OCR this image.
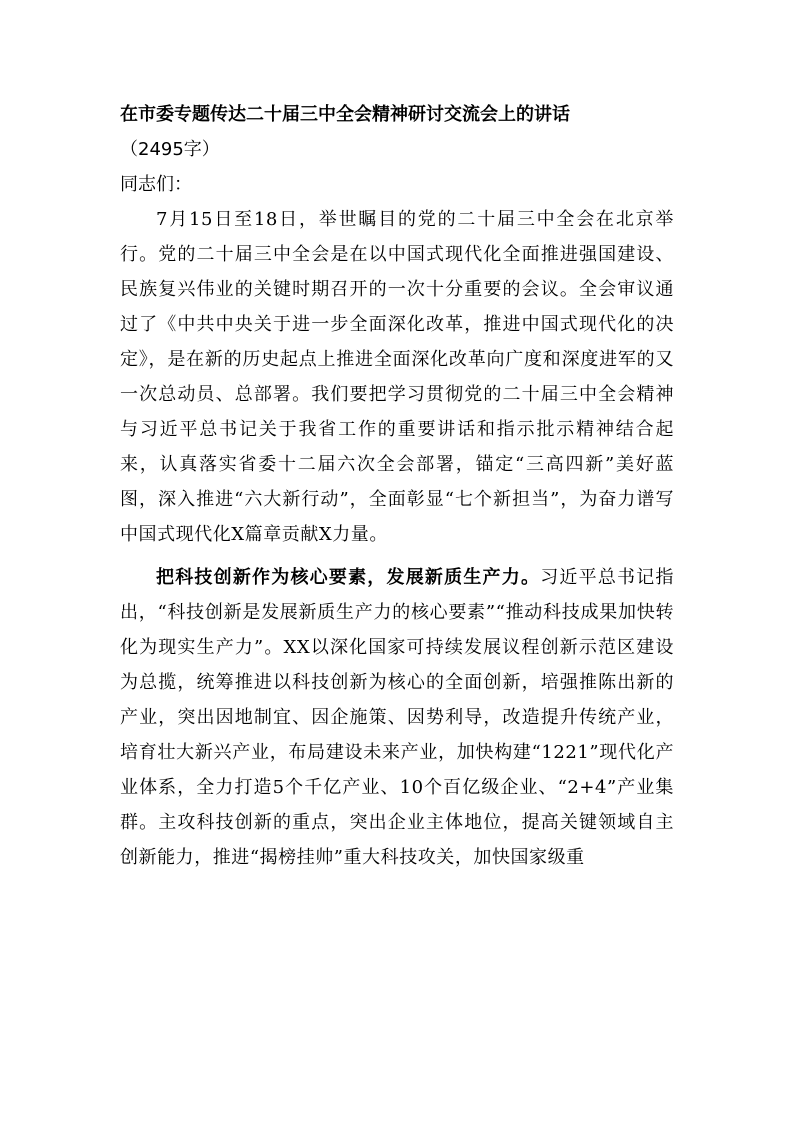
在市委专题传达二十届三中全会精神研讨交流会上的讲话
（2495字）

同志们：

7月15日至18日，举世瞩目的党的二十届三中全会在北京举行。党的二十届三中全会是在以中国式现代化全面推进强国建设、民族复兴伟业的关键时期召开的一次十分重要的会议。全会审议通过了《中共中央关于进一步全面深化改革，推进中国式现代化的决定》，是在新的历史起点上推进全面深化改革向广度和深度进军的又一次总动员、总部署。我们要把学习贯彻党的二十届三中全会精神与习近平总书记关于我省工作的重要讲话和指示批示精神结合起来，认真落实省委十二届六次全会部署，锚定“三高四新”美好蓝图，深入推进“六大新行动”，全面彰显“七个新担当”，为奋力谱写中国式现代化X篇章贡献X力量。

把科技创新作为核心要素，发展新质生产力。习近平总书记指出，“科技创新是发展新质生产力的核心要素”“推动科技成果加快转化为现实生产力”。XX以深化国家可持续发展议程创新示范区建设为总揽，统筹推进以科技创新为核心的全面创新，培强推陈出新的产业，突出因地制宜、因企施策、因势利导，改造提升传统产业，培育壮大新兴产业，布局建设未来产业，加快构建“1221”现代化产业体系，全力打造5个千亿产业、10个百亿级企业、“2+4”产业集群。主攻科技创新的重点，突出企业主体地位，提高关键领域自主创新能力，推进“揭榜挂帅”重大科技攻关，加快国家级重
